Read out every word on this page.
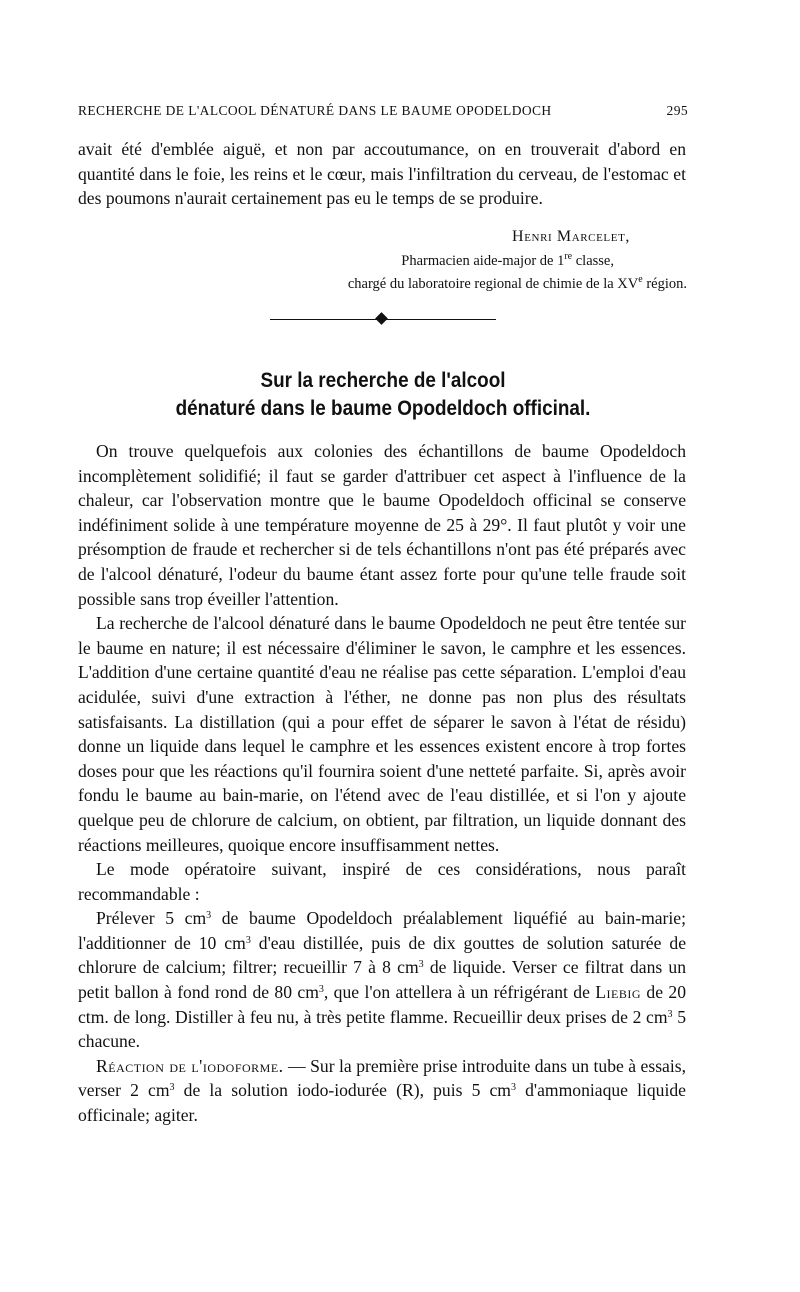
RECHERCHE DE L'ALCOOL DÉNATURÉ DANS LE BAUME OPODELDOCH	295

avait été d'emblée aiguë, et non par accoutumance, on en trouverait d'abord en quantité dans le foie, les reins et le cœur, mais l'infiltration du cerveau, de l'estomac et des poumons n'aurait certainement pas eu le temps de se produire.

Henri Marcelet,
Pharmacien aide-major de 1re classe,
chargé du laboratoire regional de chimie de la XVe région.
Sur la recherche de l'alcool
dénaturé dans le baume Opodeldoch officinal.

On trouve quelquefois aux colonies des échantillons de baume Opodeldoch incomplètement solidifié; il faut se garder d'attribuer cet aspect à l'influence de la chaleur, car l'observation montre que le baume Opodeldoch officinal se conserve indéfiniment solide à une température moyenne de 25 à 29°. Il faut plutôt y voir une présomption de fraude et rechercher si de tels échantillons n'ont pas été préparés avec de l'alcool dénaturé, l'odeur du baume étant assez forte pour qu'une telle fraude soit possible sans trop éveiller l'attention.

La recherche de l'alcool dénaturé dans le baume Opodeldoch ne peut être tentée sur le baume en nature; il est nécessaire d'éliminer le savon, le camphre et les essences. L'addition d'une certaine quantité d'eau ne réalise pas cette séparation. L'emploi d'eau acidulée, suivi d'une extraction à l'éther, ne donne pas non plus des résultats satisfaisants. La distillation (qui a pour effet de séparer le savon à l'état de résidu) donne un liquide dans lequel le camphre et les essences existent encore à trop fortes doses pour que les réactions qu'il fournira soient d'une netteté parfaite. Si, après avoir fondu le baume au bain-marie, on l'étend avec de l'eau distillée, et si l'on y ajoute quelque peu de chlorure de calcium, on obtient, par filtration, un liquide donnant des réactions meilleures, quoique encore insuffisamment nettes.

Le mode opératoire suivant, inspiré de ces considérations, nous paraît recommandable :

Prélever 5 $cm^3$ de baume Opodeldoch préalablement liquéfié au bain-marie; l'additionner de 10 $cm^3$ d'eau distillée, puis de dix gouttes de solution saturée de chlorure de calcium; filtrer; recueillir 7 à 8 $cm^3$ de liquide. Verser ce filtrat dans un petit ballon à fond rond de 80 $cm^3$, que l'on attellera à un réfrigérant de Liebig de 20 ctm. de long. Distiller à feu nu, à très petite flamme. Recueillir deux prises de 2 $cm^3$ 5 chacune.

Réaction de l'iodoforme. — Sur la première prise introduite dans un tube à essais, verser 2 $cm^3$ de la solution iodo-iodurée (R), puis 5 $cm^3$ d'ammoniaque liquide officinale; agiter.
